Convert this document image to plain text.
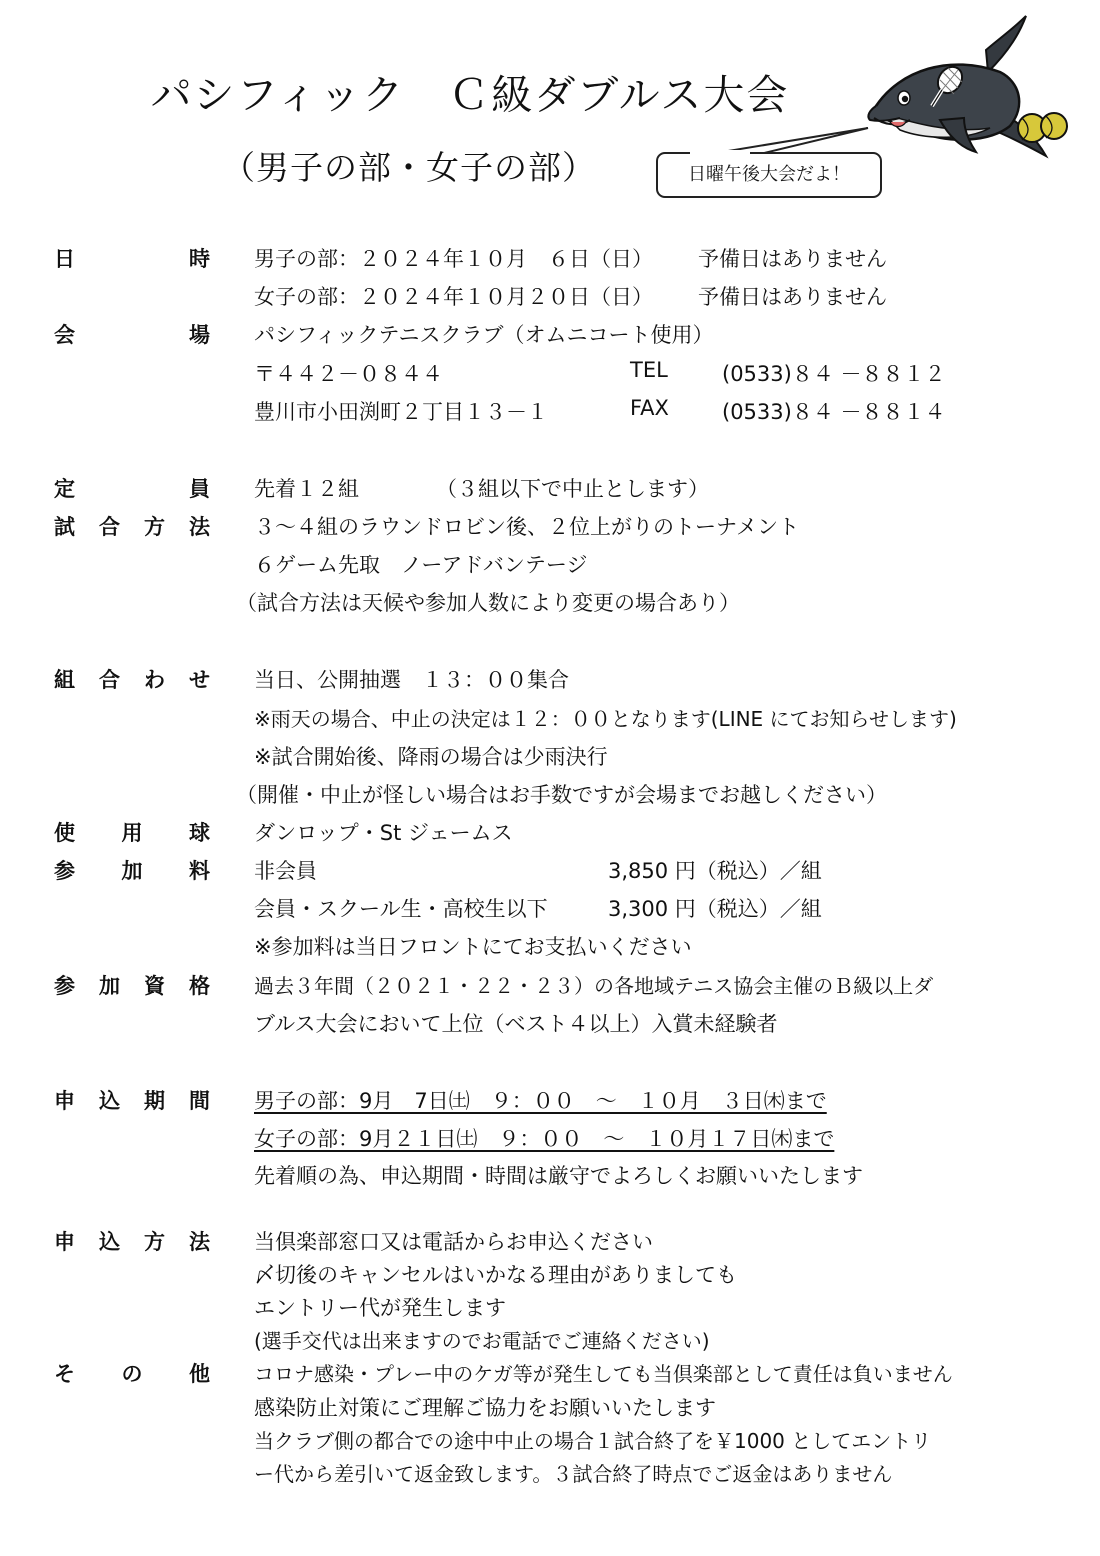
パシフィック　Ｃ級ダブルス大会
（男子の部・女子の部）	日曜午後大会だよ！
日	時 男子の部：２０２４年１０月　６日（日） 予備日はありません
女子の部：２０２４年１０月２０日（日） 予備日はありません
会	場 パシフィックテニスクラブ（オムニコート使用）
〒４４２－０８４４	TEL	(0533)８４ －８８１２
豊川市小田渕町２丁目１３－１	FAX	(0533)８４ －８８１４
定	員 先着１２組	（３組以下で中止とします）
試 合 方 法 ３～４組のラウンドロビン後、２位上がりのトーナメント
６ゲーム先取　ノーアドバンテージ
（試合方法は天候や参加人数により変更の場合あり）
組 合 わ せ 当日、公開抽選　１３：００集合
※雨天の場合、中止の決定は１２：００となります(LINE にてお知らせします)
※試合開始後、降雨の場合は少雨決行
（開催・中止が怪しい場合はお手数ですが会場までお越しください）
使 用 球 ダンロップ・St ジェームス
参 加 料 非会員	3,850 円（税込）／組
会員・スクール生・高校生以下	3,300 円（税込）／組
※参加料は当日フロントにてお支払いください
参 加 資 格 過去３年間（２０２１・２２・２３）の各地域テニス協会主催のＢ級以上ダ
ブルス大会において上位（ベスト４以上）入賞未経験者
申 込 期 間 男子の部：9月　7日㈯　９：００　～　１０月　３日㈭まで
女子の部：9月２１日㈯　９：００　～　１０月１７日㈭まで
先着順の為、申込期間・時間は厳守でよろしくお願いいたします
申 込 方 法 当倶楽部窓口又は電話からお申込ください
〆切後のキャンセルはいかなる理由がありましても
エントリー代が発生します
(選手交代は出来ますのでお電話でご連絡ください)
そ の 他 コロナ感染・プレー中のケガ等が発生しても当倶楽部として責任は負いません
感染防止対策にご理解ご協力をお願いいたします
当クラブ側の都合での途中中止の場合１試合終了を￥1000 としてエントリ
ー代から差引いて返金致します。３試合終了時点でご返金はありません
